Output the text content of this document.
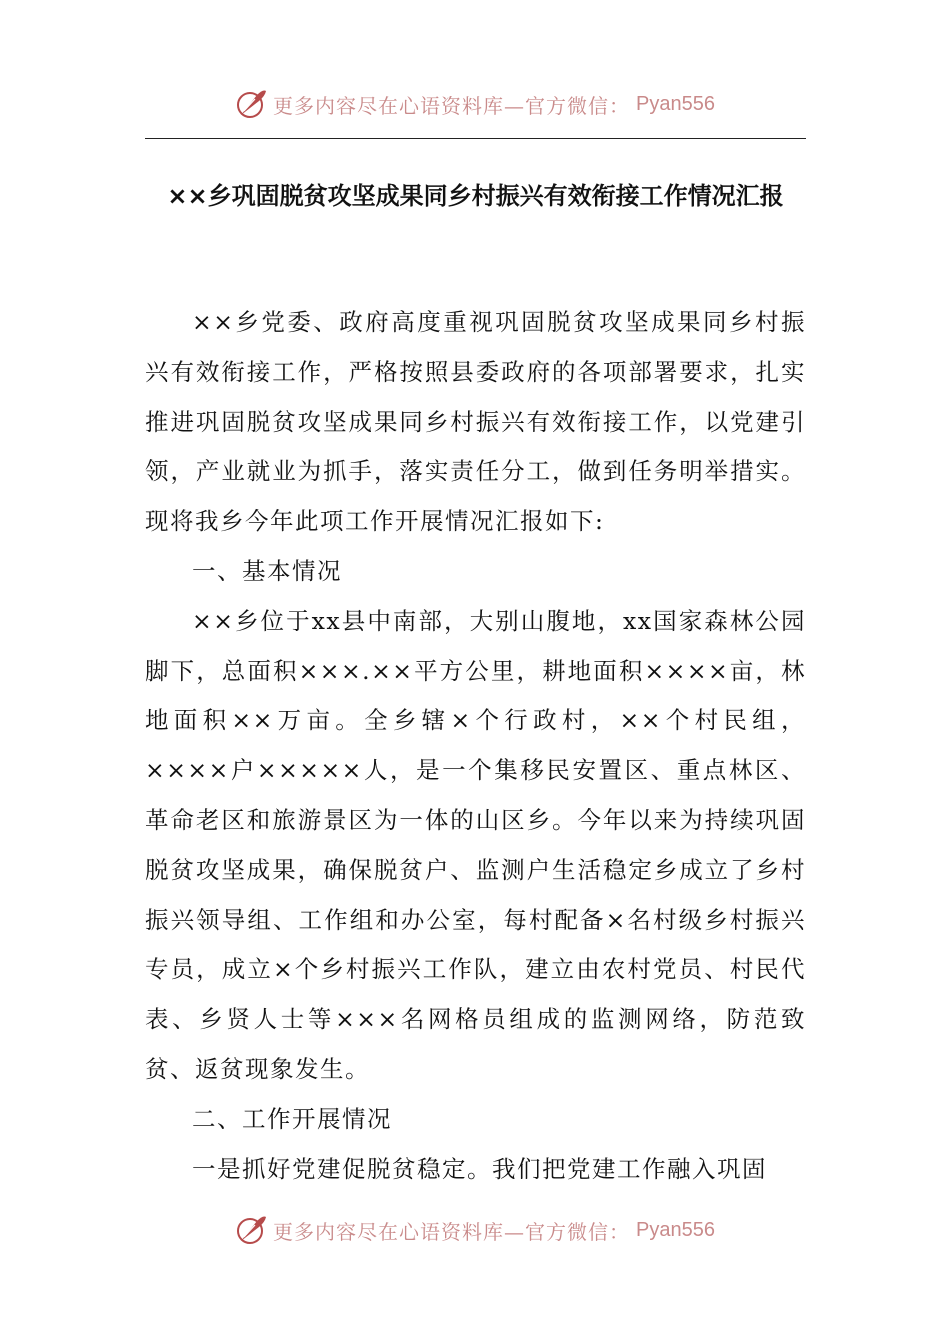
更多内容尽在心语资料库—官方微信： Pyan556
××乡巩固脱贫攻坚成果同乡村振兴有效衔接工作情况汇报

××乡党委、政府高度重视巩固脱贫攻坚成果同乡村振兴有效衔接工作，严格按照县委政府的各项部署要求，扎实推进巩固脱贫攻坚成果同乡村振兴有效衔接工作，以党建引领，产业就业为抓手，落实责任分工，做到任务明举措实。现将我乡今年此项工作开展情况汇报如下:

一、基本情况

××乡位于xx县中南部，大别山腹地，xx国家森林公园脚下，总面积×××.××平方公里，耕地面积××××亩，林地面积××万亩。全乡辖×个行政村，××个村民组，××××户×××××人，是一个集移民安置区、重点林区、革命老区和旅游景区为一体的山区乡。今年以来为持续巩固脱贫攻坚成果，确保脱贫户、监测户生活稳定乡成立了乡村振兴领导组、工作组和办公室，每村配备×名村级乡村振兴专员，成立×个乡村振兴工作队，建立由农村党员、村民代表、乡贤人士等×××名网格员组成的监测网络，防范致贫、返贫现象发生。

二、工作开展情况

一是抓好党建促脱贫稳定。我们把党建工作融入巩固

更多内容尽在心语资料库—官方微信： Pyan556
